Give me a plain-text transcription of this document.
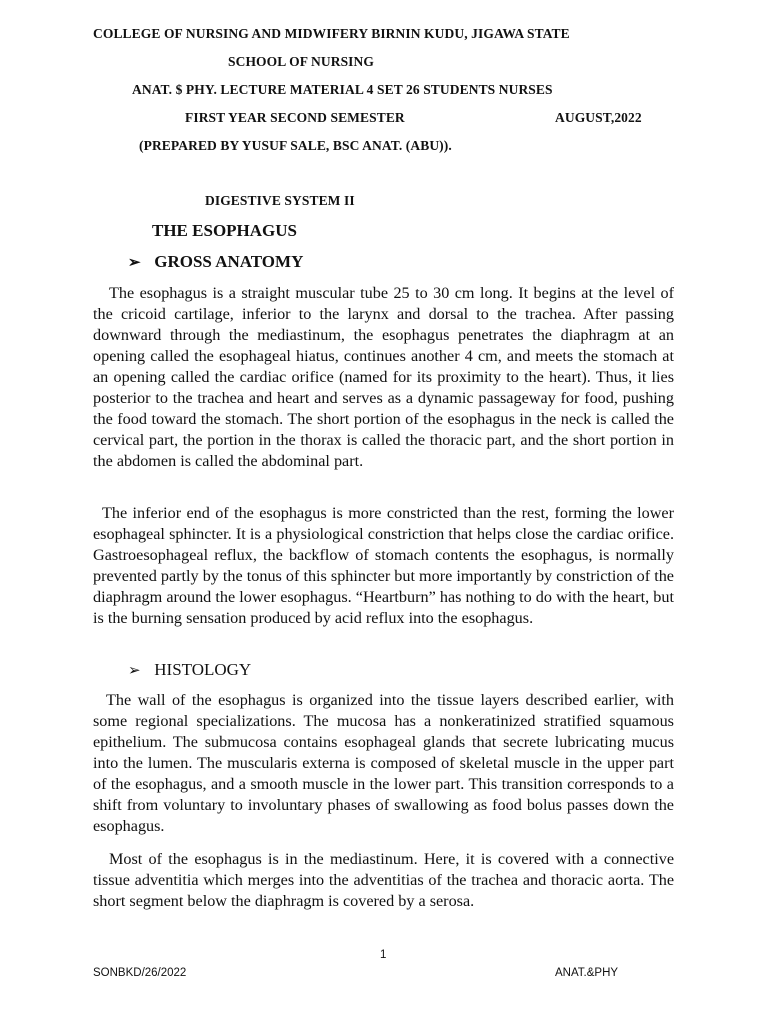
COLLEGE OF NURSING AND MIDWIFERY BIRNIN KUDU, JIGAWA STATE
SCHOOL OF NURSING
ANAT. $ PHY. LECTURE MATERIAL 4 SET 26 STUDENTS NURSES
FIRST YEAR SECOND SEMESTER	AUGUST,2022
(PREPARED BY YUSUF SALE, BSC ANAT. (ABU)).
DIGESTIVE SYSTEM II
THE ESOPHAGUS
➢ GROSS ANATOMY

The esophagus is a straight muscular tube 25 to 30 cm long. It begins at the level of the cricoid cartilage, inferior to the larynx and dorsal to the trachea. After passing downward through the mediastinum, the esophagus penetrates the diaphragm at an opening called the esophageal hiatus, continues another 4 cm, and meets the stomach at an opening called the cardiac orifice (named for its proximity to the heart). Thus, it lies posterior to the trachea and heart and serves as a dynamic passageway for food, pushing the food toward the stomach. The short portion of the esophagus in the neck is called the cervical part, the portion in the thorax is called the thoracic part, and the short portion in the abdomen is called the abdominal part.

The inferior end of the esophagus is more constricted than the rest, forming the lower esophageal sphincter. It is a physiological constriction that helps close the cardiac orifice. Gastroesophageal reflux, the backflow of stomach contents the esophagus, is normally prevented partly by the tonus of this sphincter but more importantly by constriction of the diaphragm around the lower esophagus. “Heartburn” has nothing to do with the heart, but is the burning sensation produced by acid reflux into the esophagus.

➢ HISTOLOGY

The wall of the esophagus is organized into the tissue layers described earlier, with some regional specializations. The mucosa has a nonkeratinized stratified squamous epithelium. The submucosa contains esophageal glands that secrete lubricating mucus into the lumen. The muscularis externa is composed of skeletal muscle in the upper part of the esophagus, and a smooth muscle in the lower part. This transition corresponds to a shift from voluntary to involuntary phases of swallowing as food bolus passes down the esophagus.

Most of the esophagus is in the mediastinum. Here, it is covered with a connective tissue adventitia which merges into the adventitias of the trachea and thoracic aorta. The short segment below the diaphragm is covered by a serosa.

1
SONBKD/26/2022	ANAT.&PHY
